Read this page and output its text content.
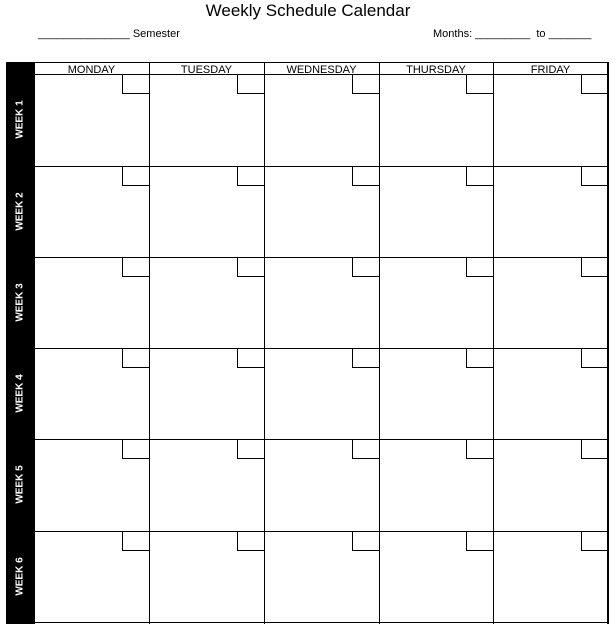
Weekly Schedule Calendar
_______________ Semester	Months: _________  to _______
MONDAY	TUESDAY	WEDNESDAY	THURSDAY	FRIDAY
WEEK 1
WEEK 2
WEEK 3
WEEK 4
WEEK 5
WEEK 6
